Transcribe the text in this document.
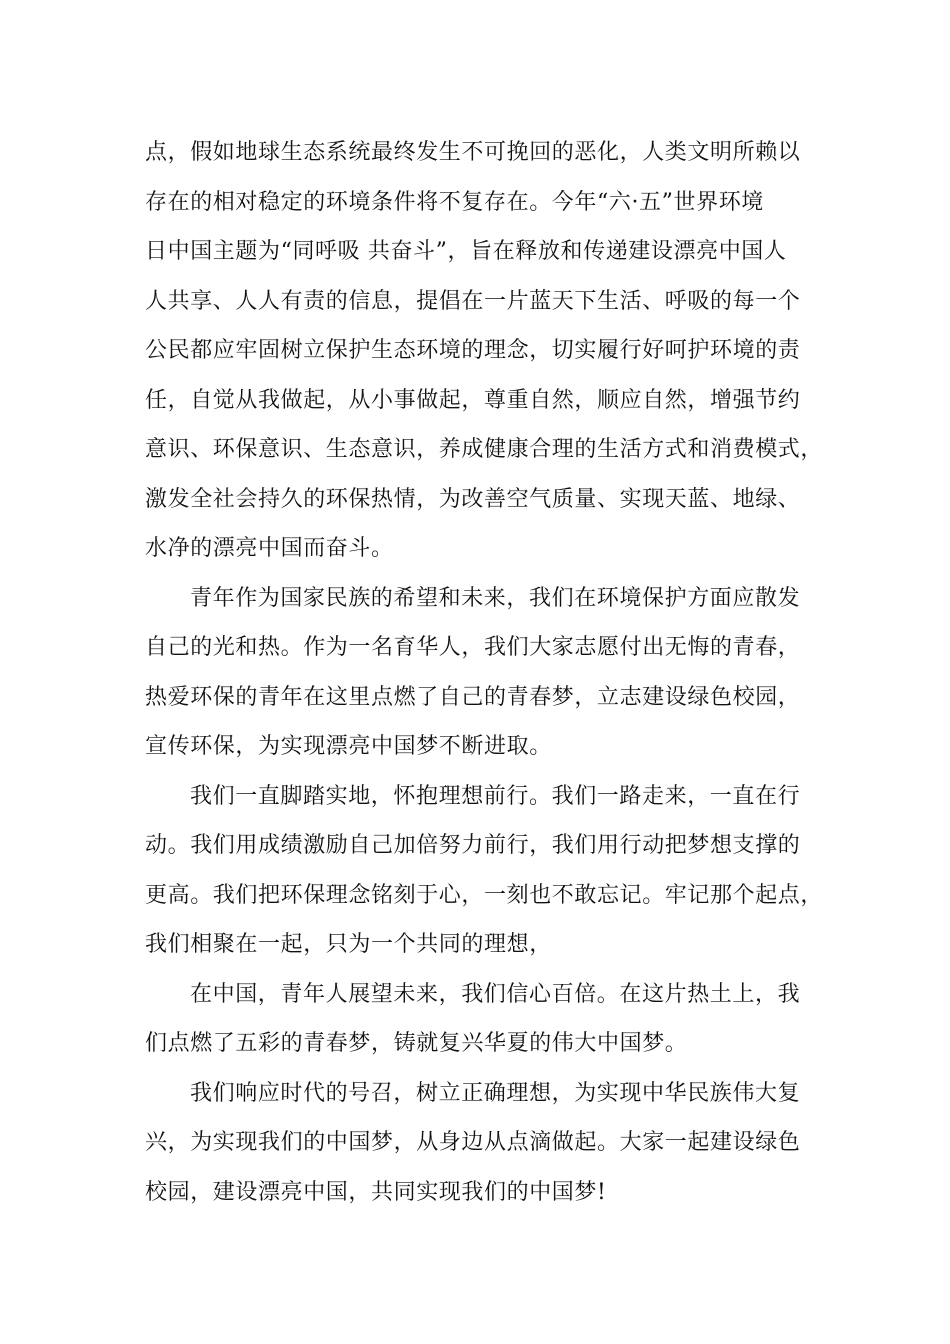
点，假如地球生态系统最终发生不可挽回的恶化，人类文明所赖以
存在的相对稳定的环境条件将不复存在。今年“六·五”世界环境
日中国主题为“同呼吸 共奋斗”，旨在释放和传递建设漂亮中国人
人共享、人人有责的信息，提倡在一片蓝天下生活、呼吸的每一个
公民都应牢固树立保护生态环境的理念，切实履行好呵护环境的责
任，自觉从我做起，从小事做起，尊重自然，顺应自然，增强节约
意识、环保意识、生态意识，养成健康合理的生活方式和消费模式，
激发全社会持久的环保热情，为改善空气质量、实现天蓝、地绿、
水净的漂亮中国而奋斗。
青年作为国家民族的希望和未来，我们在环境保护方面应散发
自己的光和热。作为一名育华人，我们大家志愿付出无悔的青春，
热爱环保的青年在这里点燃了自己的青春梦，立志建设绿色校园，
宣传环保，为实现漂亮中国梦不断进取。
我们一直脚踏实地，怀抱理想前行。我们一路走来，一直在行
动。我们用成绩激励自己加倍努力前行，我们用行动把梦想支撑的
更高。我们把环保理念铭刻于心，一刻也不敢忘记。牢记那个起点，
我们相聚在一起，只为一个共同的理想，
在中国，青年人展望未来，我们信心百倍。在这片热土上，我
们点燃了五彩的青春梦，铸就复兴华夏的伟大中国梦。
我们响应时代的号召，树立正确理想，为实现中华民族伟大复
兴，为实现我们的中国梦，从身边从点滴做起。大家一起建设绿色
校园，建设漂亮中国，共同实现我们的中国梦!
